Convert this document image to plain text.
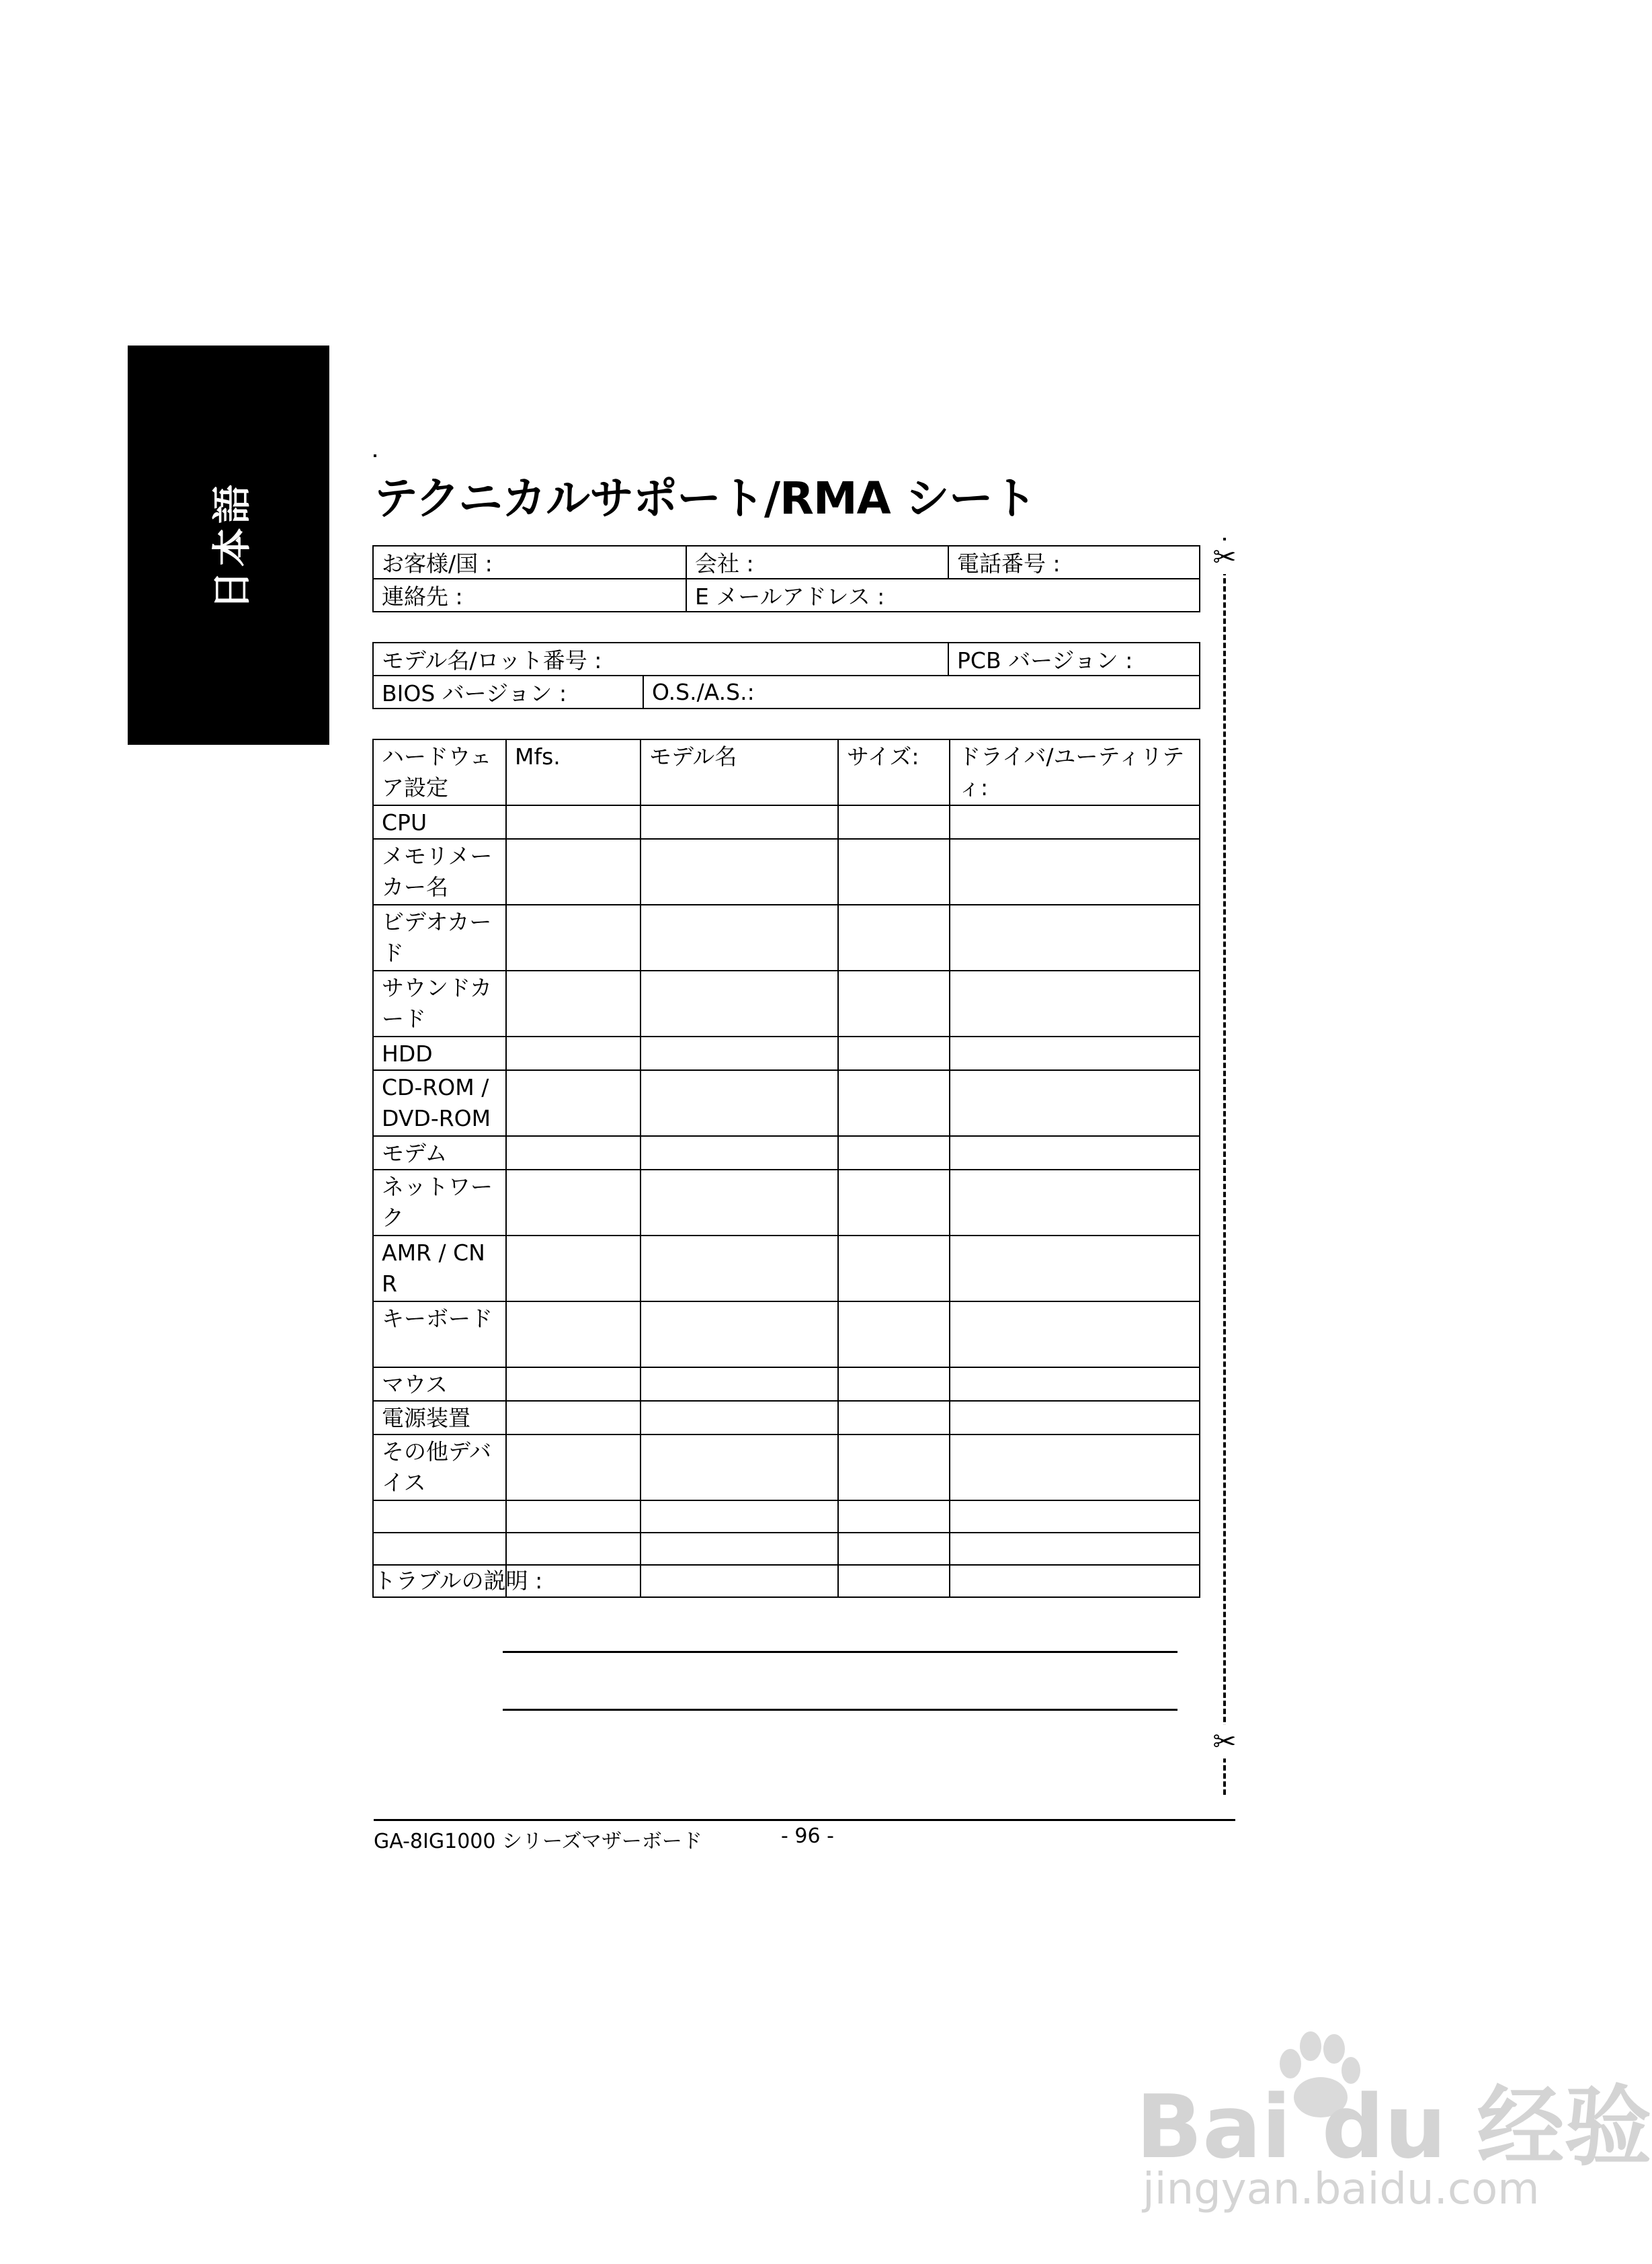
日本語	テクニカルサポート/RMA シート
お客様/国 :	会社 :	電話番号 :
連絡先 :	E メールアドレス :	
モデル名/ロット番号 :		PCB バージョン :
BIOS バージョン :	O.S./A.S.:	
ハードウェア設定	Mfs.	モデル名	サイズ:	ドライバ/ユーティリティ:
CPU				
メモリメーカー名				
ビデオカード				
サウンドカード				
HDD				
CD-ROM / DVD-ROM				
モデム				
ネットワーク				
AMR / CNR				
キーボード				
マウス				
電源装置				
その他デバイス				

トラブルの説明 :
✂
✂
GA-8IG1000 シリーズマザーボード	- 96 -
Bai du 经验
jingyan.baidu.com
